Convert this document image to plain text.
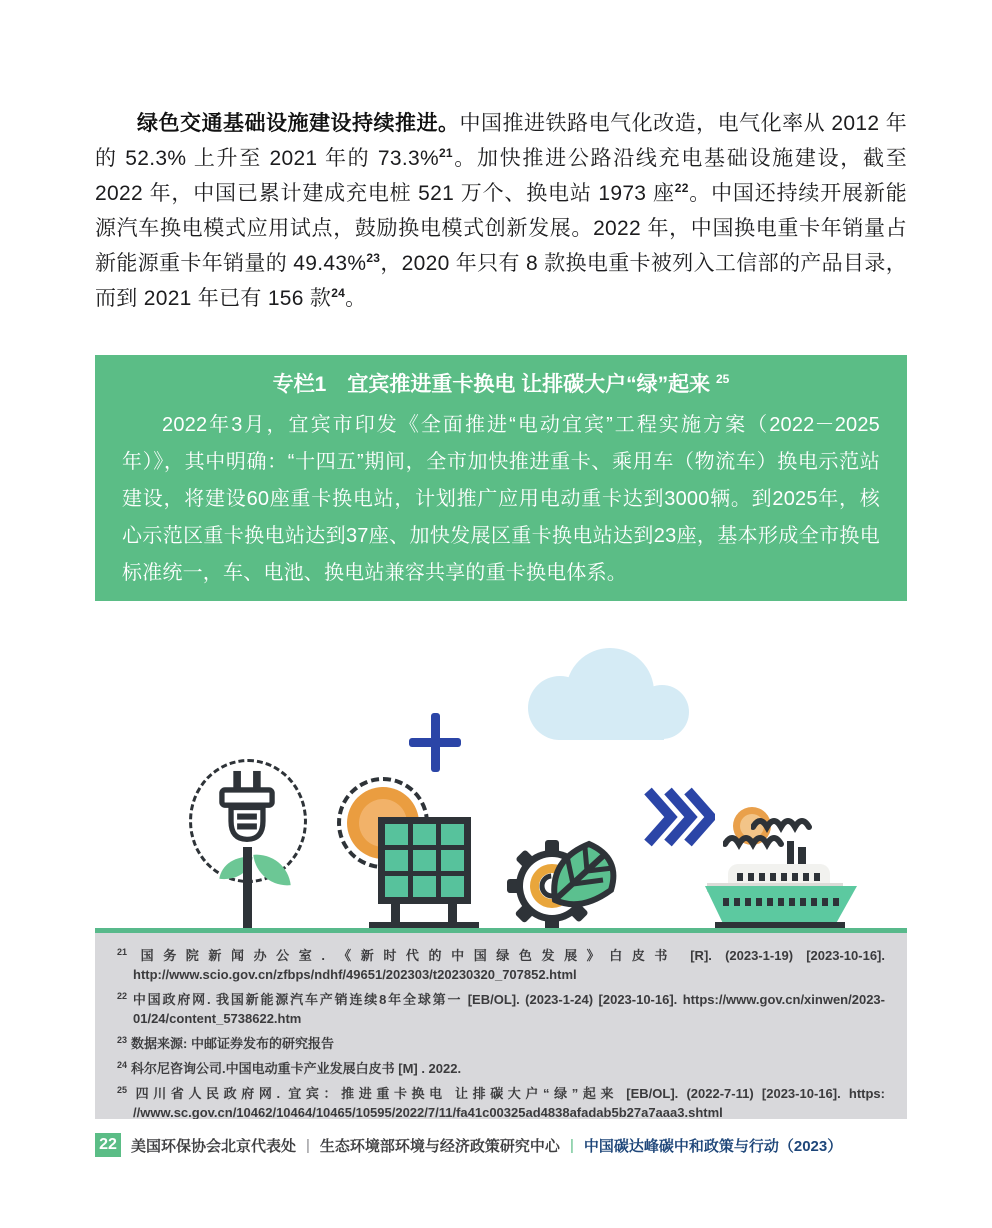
绿色交通基础设施建设持续推进。中国推进铁路电气化改造，电气化率从 2012 年的 52.3% 上升至 2021 年的 73.3%$^{21}$。加快推进公路沿线充电基础设施建设，截至 2022 年，中国已累计建成充电桩 521 万个、换电站 1973 座$^{22}$。中国还持续开展新能源汽车换电模式应用试点，鼓励换电模式创新发展。2022 年，中国换电重卡年销量占新能源重卡年销量的 49.43%$^{23}$，2020 年只有 8 款换电重卡被列入工信部的产品目录，而到 2021 年已有 156 款$^{24}$。

专栏1　宜宾推进重卡换电 让排碳大户“绿”起来 $^{25}$

2022年3月，宜宾市印发《全面推进“电动宜宾”工程实施方案（2022－2025年）》，其中明确：“十四五”期间，全市加快推进重卡、乘用车（物流车）换电示范站建设，将建设60座重卡换电站，计划推广应用电动重卡达到3000辆。到2025年，核心示范区重卡换电站达到37座、加快发展区重卡换电站达到23座，基本形成全市换电标准统一，车、电池、换电站兼容共享的重卡换电体系。

$^{21}$ 国务院新闻办公室. 《新时代的中国绿色发展》白皮书 [R]. (2023-1-19) [2023-10-16]. http://www.scio.gov.cn/zfbps/ndhf/49651/202303/t20230320_707852.html
$^{22}$ 中国政府网. 我国新能源汽车产销连续8年全球第一 [EB/OL]. (2023-1-24) [2023-10-16]. https://www.gov.cn/xinwen/2023-01/24/content_5738622.htm
$^{23}$ 数据来源: 中邮证券发布的研究报告
$^{24}$ 科尔尼咨询公司.中国电动重卡产业发展白皮书 [M] . 2022.
$^{25}$ 四川省人民政府网. 宜宾：推进重卡换电 让排碳大户“绿”起来 [EB/OL]. (2022-7-11) [2023-10-16]. https: //www.sc.gov.cn/10462/10464/10465/10595/2022/7/11/fa41c00325ad4838afadab5b27a7aaa3.shtml
22 美国环保协会北京代表处 | 生态环境部环境与经济政策研究中心 | 中国碳达峰碳中和政策与行动（2023）
